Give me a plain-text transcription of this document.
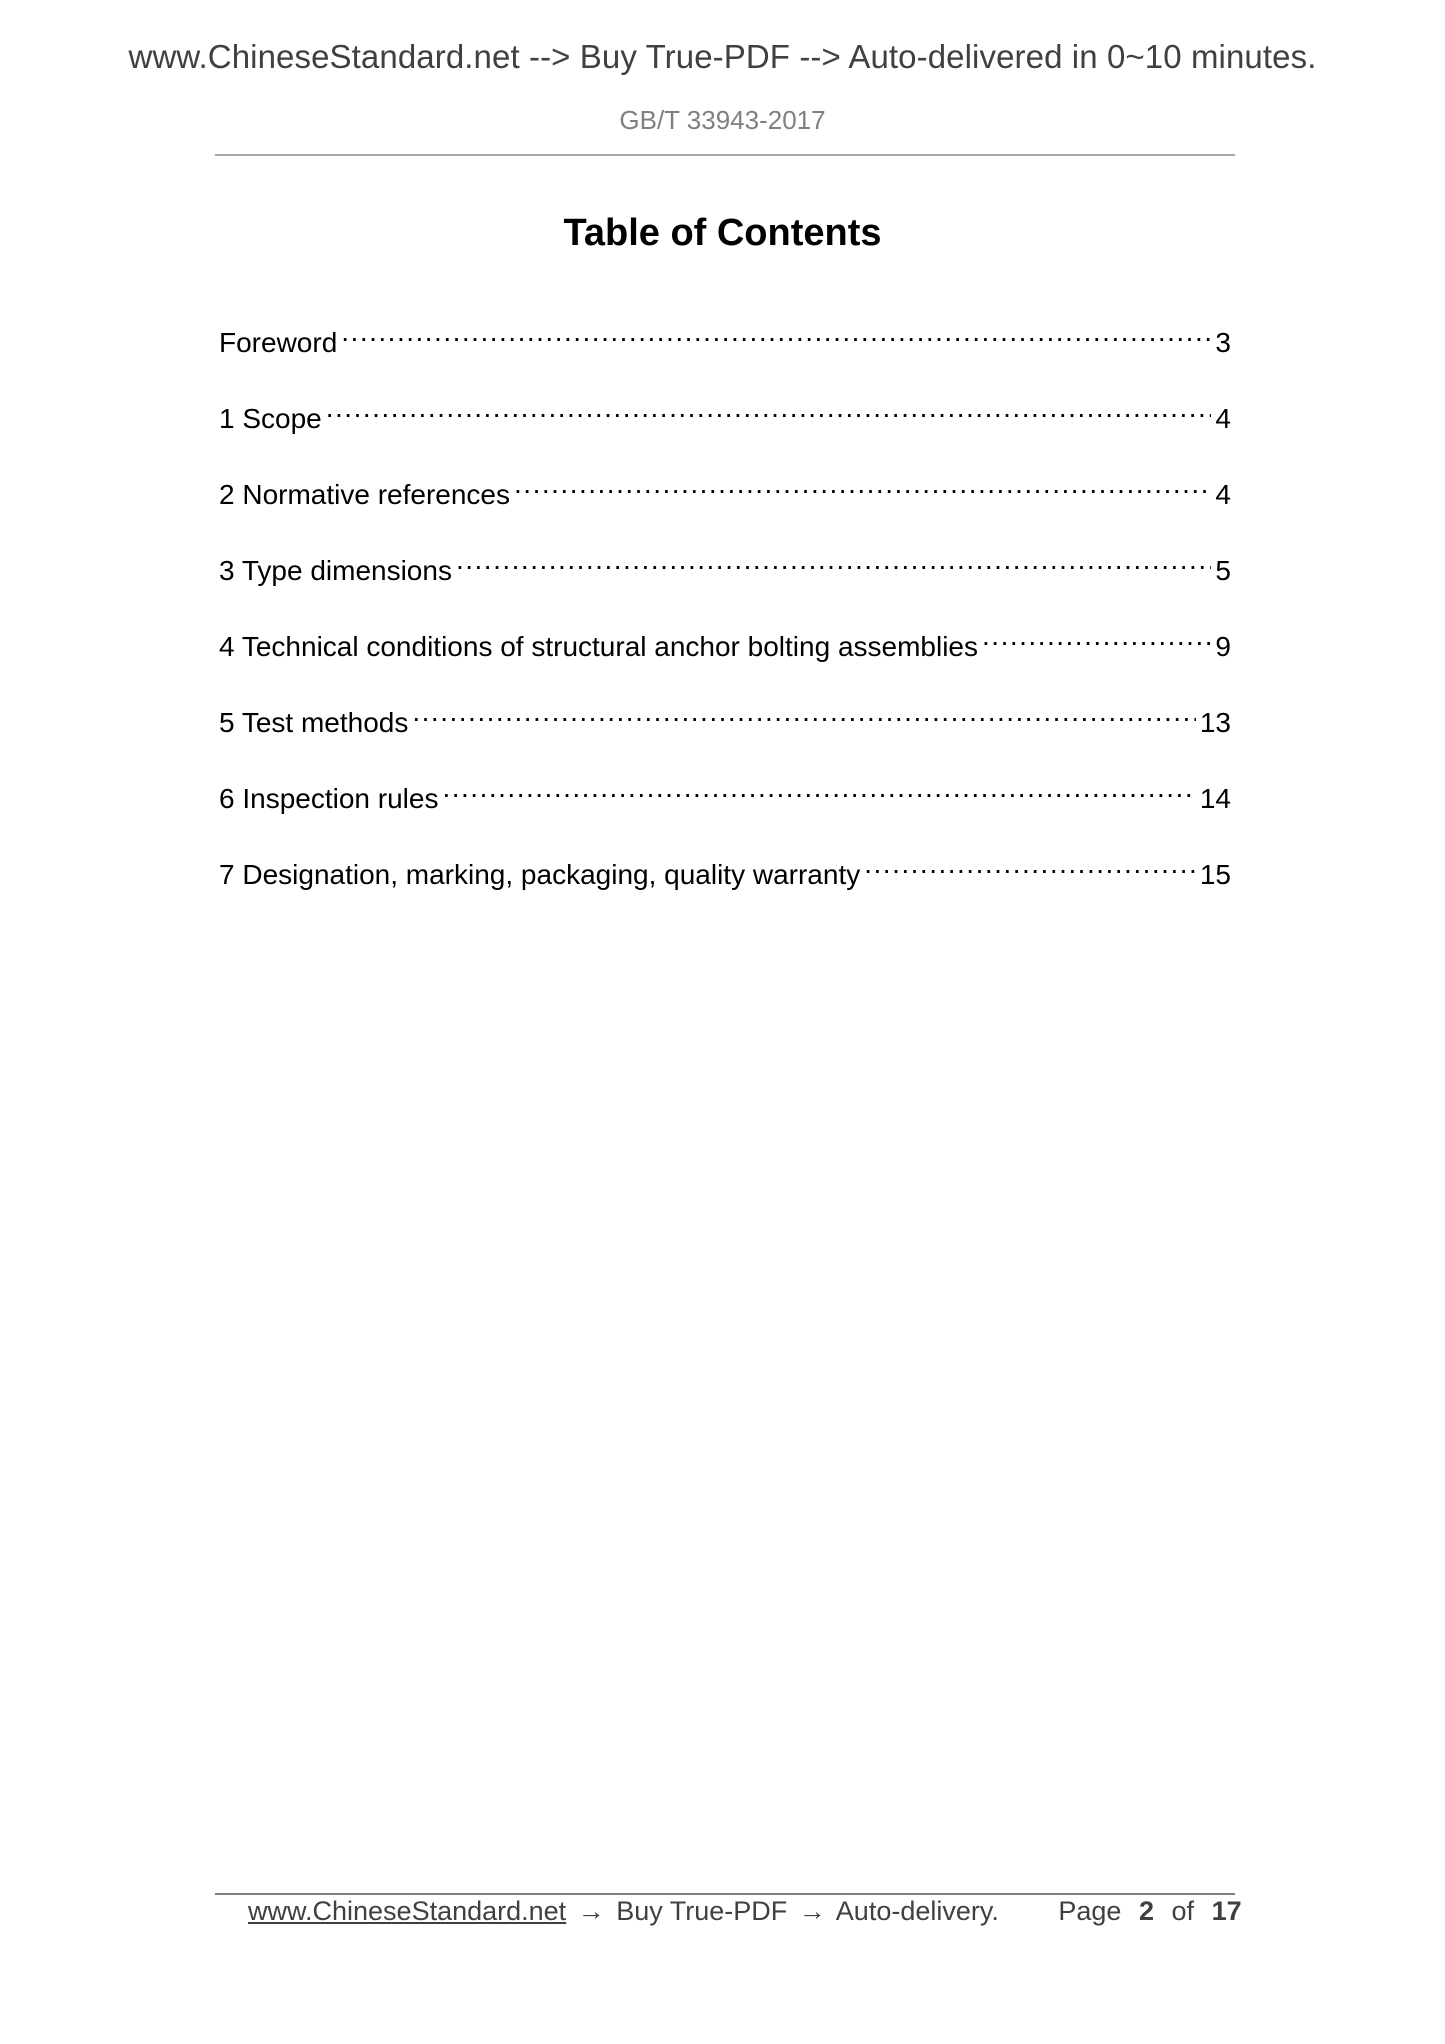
www.ChineseStandard.net --> Buy True-PDF --> Auto-delivered in 0~10 minutes.
GB/T 33943-2017
Table of Contents
Foreword .....	3
1 Scope .....	4
2 Normative references .....	4
3 Type dimensions .....	5
4 Technical conditions of structural anchor bolting assemblies .....	9
5 Test methods .....	13
6 Inspection rules .....	14
7 Designation, marking, packaging, quality warranty .....	15
www.ChineseStandard.net → Buy True-PDF → Auto-delivery. Page 2 of 17
